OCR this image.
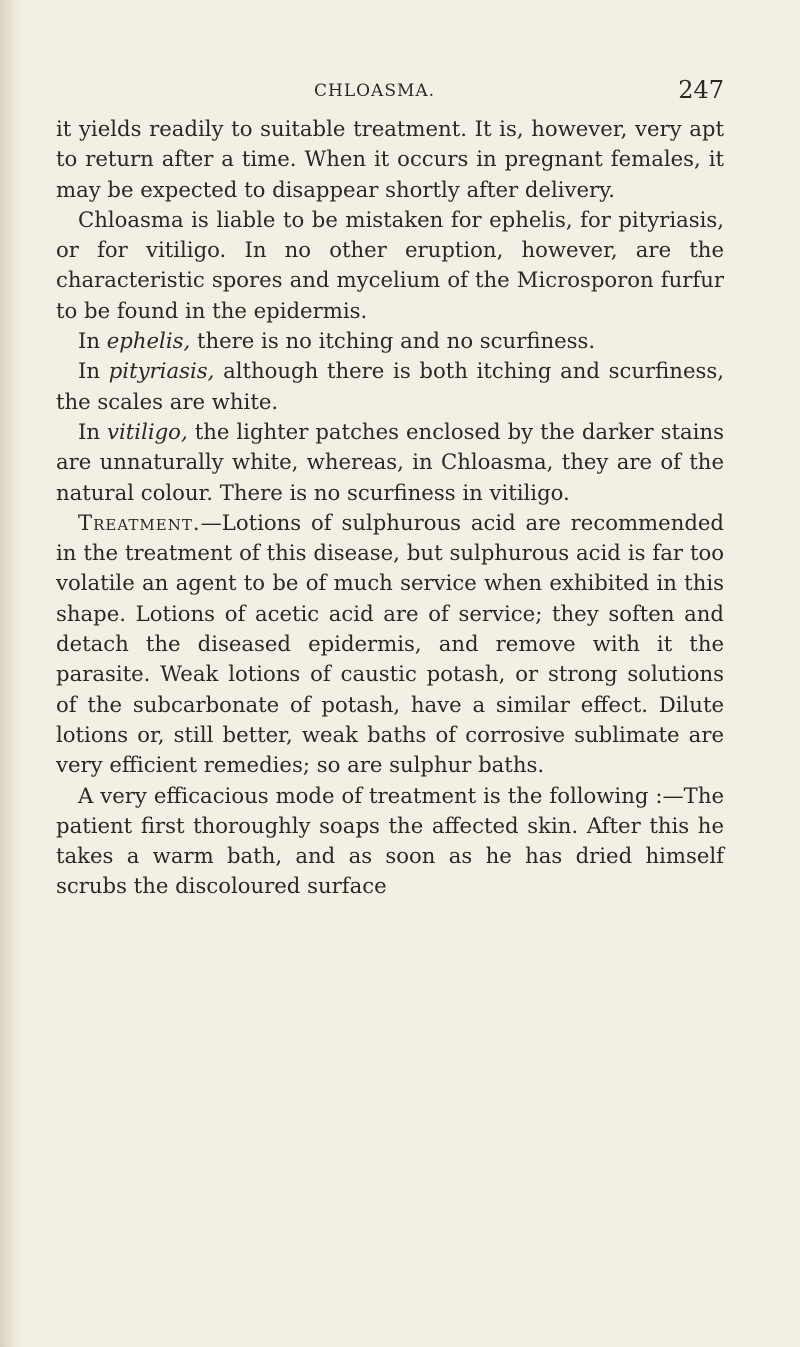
CHLOASMA.	247

it yields readily to suitable treatment. It is, however, very apt to return after a time. When it occurs in pregnant females, it may be expected to disappear shortly after delivery.

Chloasma is liable to be mistaken for ephelis, for pityriasis, or for vitiligo. In no other eruption, however, are the characteristic spores and mycelium of the Microsporon furfur to be found in the epidermis.

In ephelis, there is no itching and no scurfiness.

In pityriasis, although there is both itching and scurfiness, the scales are white.

In vitiligo, the lighter patches enclosed by the darker stains are unnaturally white, whereas, in Chloasma, they are of the natural colour. There is no scurfiness in vitiligo.

Treatment.—Lotions of sulphurous acid are recommended in the treatment of this disease, but sulphurous acid is far too volatile an agent to be of much service when exhibited in this shape. Lotions of acetic acid are of service; they soften and detach the diseased epidermis, and remove with it the parasite. Weak lotions of caustic potash, or strong solutions of the subcarbonate of potash, have a similar effect. Dilute lotions or, still better, weak baths of corrosive sublimate are very efficient remedies; so are sulphur baths.

A very efficacious mode of treatment is the following :—The patient first thoroughly soaps the affected skin. After this he takes a warm bath, and as soon as he has dried himself scrubs the discoloured surface
